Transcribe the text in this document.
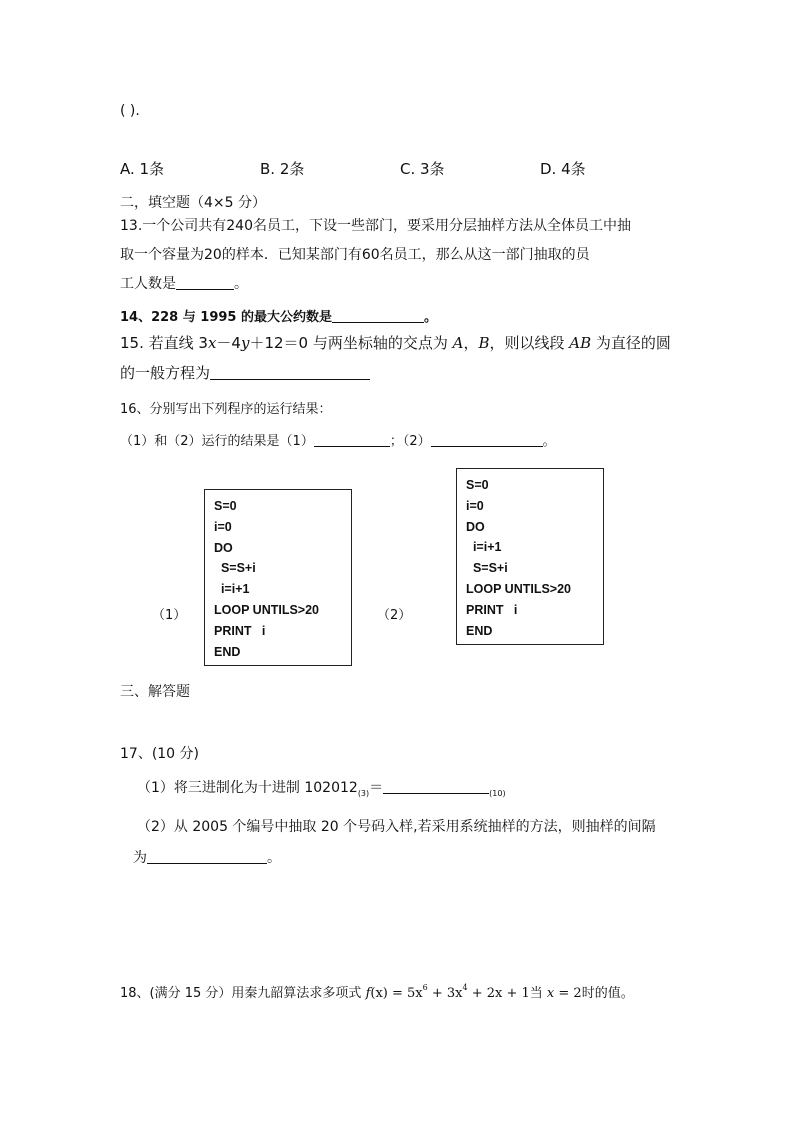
( ).
A. 1条	B. 2条	C. 3条	D. 4条
二，填空题（4×5 分）
13.一个公司共有240名员工，下设一些部门，要采用分层抽样方法从全体员工中抽
取一个容量为20的样本．已知某部门有60名员工，那么从这一部门抽取的员
工人数是	。
14、228 与 1995 的最大公约数是	。
15. 若直线 3x－4y＋12＝0 与两坐标轴的交点为 A，B，则以线段 AB 为直径的圆
的一般方程为
16、分别写出下列程序的运行结果：
（1）和（2）运行的结果是（1）	；（2）	。
（1）
S=0
i=0
DO
S=S+i
i=i+1
LOOP UNTILS>20
PRINT   i
END
（2）
S=0
i=0
DO
i=i+1
S=S+i
LOOP UNTILS>20
PRINT   i
END
三、解答题
17、(10 分)
（1）将三进制化为十进制 $102012_{(3)}=$	$_{(10)}$
（2）从 2005 个编号中抽取 20 个号码入样,若采用系统抽样的方法，则抽样的间隔
为	。
18、(满分 15 分）用秦九韶算法求多项式 $f(x) = 5x^6 + 3x^4 + 2x + 1$当 x = 2时的值。
